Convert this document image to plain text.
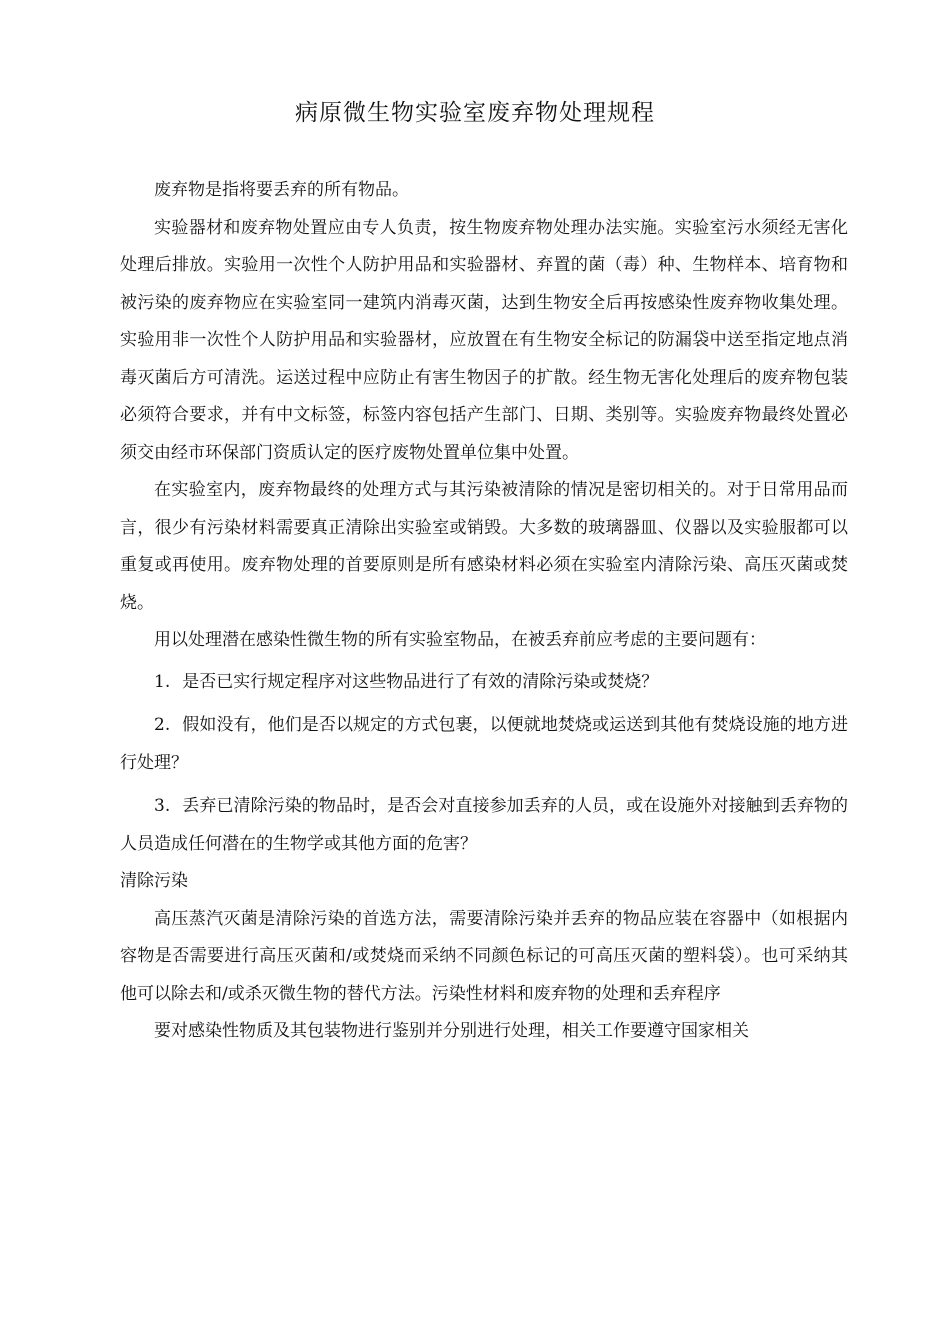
病原微生物实验室废弃物处理规程

废弃物是指将要丢弃的所有物品。

实验器材和废弃物处置应由专人负责，按生物废弃物处理办法实施。实验室污水须经无害化处理后排放。实验用一次性个人防护用品和实验器材、弃置的菌（毒）种、生物样本、培育物和被污染的废弃物应在实验室同一建筑内消毒灭菌，达到生物安全后再按感染性废弃物收集处理。实验用非一次性个人防护用品和实验器材，应放置在有生物安全标记的防漏袋中送至指定地点消毒灭菌后方可清洗。运送过程中应防止有害生物因子的扩散。经生物无害化处理后的废弃物包装必须符合要求，并有中文标签，标签内容包括产生部门、日期、类别等。实验废弃物最终处置必须交由经市环保部门资质认定的医疗废物处置单位集中处置。

在实验室内，废弃物最终的处理方式与其污染被清除的情况是密切相关的。对于日常用品而言，很少有污染材料需要真正清除出实验室或销毁。大多数的玻璃器皿、仪器以及实验服都可以重复或再使用。废弃物处理的首要原则是所有感染材料必须在实验室内清除污染、高压灭菌或焚烧。

用以处理潜在感染性微生物的所有实验室物品，在被丢弃前应考虑的主要问题有：

1. 是否已实行规定程序对这些物品进行了有效的清除污染或焚烧？

2. 假如没有，他们是否以规定的方式包裹，以便就地焚烧或运送到其他有焚烧设施的地方进行处理？

3. 丢弃已清除污染的物品时，是否会对直接参加丢弃的人员，或在设施外对接触到丢弃物的人员造成任何潜在的生物学或其他方面的危害？

清除污染

高压蒸汽灭菌是清除污染的首选方法，需要清除污染并丢弃的物品应装在容器中（如根据内容物是否需要进行高压灭菌和/或焚烧而采纳不同颜色标记的可高压灭菌的塑料袋）。也可采纳其他可以除去和/或杀灭微生物的替代方法。污染性材料和废弃物的处理和丢弃程序

要对感染性物质及其包装物进行鉴别并分别进行处理，相关工作要遵守国家相关
